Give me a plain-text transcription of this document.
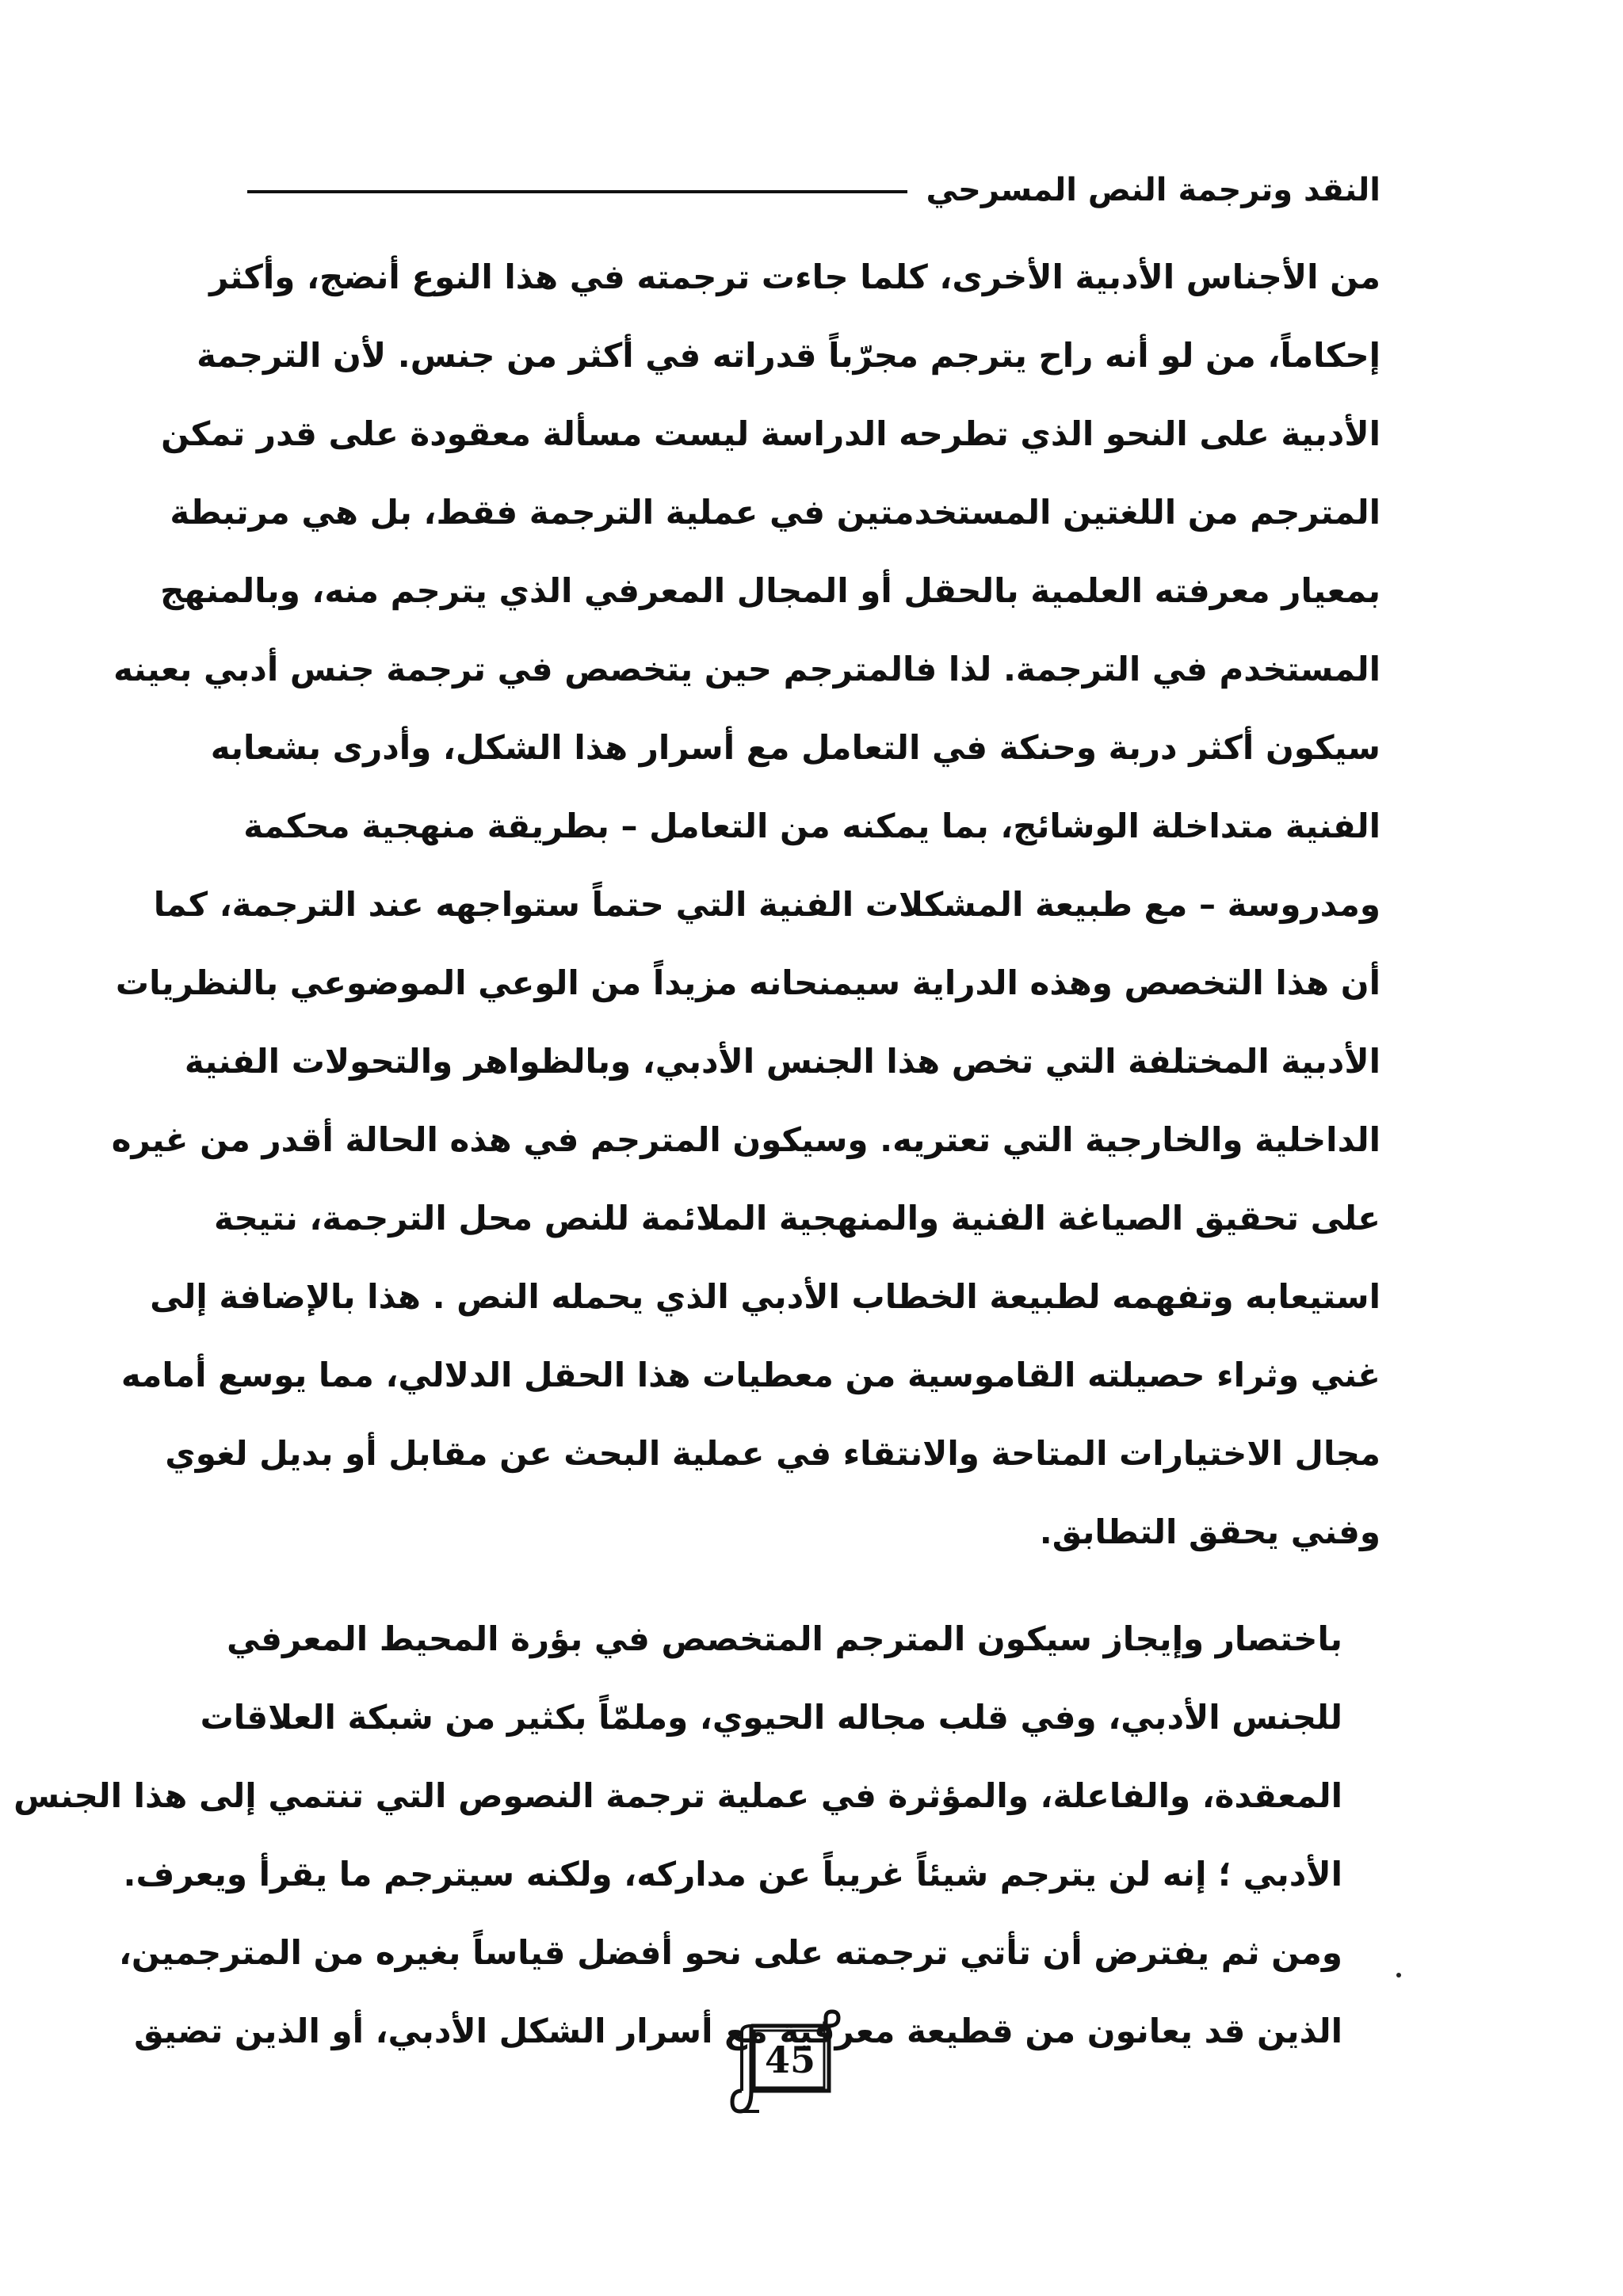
النقد وترجمة النص المسرحي

من الأجناس الأدبية الأخرى، كلما جاءت ترجمته في هذا النوع أنضج، وأكثر
إحكاماً، من لو أنه راح يترجم مجرّباً قدراته في أكثر من جنس. لأن الترجمة
الأدبية على النحو الذي تطرحه الدراسة ليست مسألة معقودة على قدر تمكن
المترجم من اللغتين المستخدمتين في عملية الترجمة فقط، بل هي مرتبطة
بمعيار معرفته العلمية بالحقل أو المجال المعرفي الذي يترجم منه، وبالمنهج
المستخدم في الترجمة. لذا فالمترجم حين يتخصص في ترجمة جنس أدبي بعينه
سيكون أكثر دربة وحنكة في التعامل مع أسرار هذا الشكل، وأدرى بشعابه
الفنية متداخلة الوشائج، بما يمكنه من التعامل – بطريقة منهجية محكمة
ومدروسة – مع طبيعة المشكلات الفنية التي حتماً ستواجهه عند الترجمة، كما
أن هذا التخصص وهذه الدراية سيمنحانه مزيداً من الوعي الموضوعي بالنظريات
الأدبية المختلفة التي تخص هذا الجنس الأدبي، وبالظواهر والتحولات الفنية
الداخلية والخارجية التي تعتريه. وسيكون المترجم في هذه الحالة أقدر من غيره
على تحقيق الصياغة الفنية والمنهجية الملائمة للنص محل الترجمة، نتيجة
استيعابه وتفهمه لطبيعة الخطاب الأدبي الذي يحمله النص . هذا بالإضافة إلى
غني وثراء حصيلته القاموسية من معطيات هذا الحقل الدلالي، مما يوسع أمامه
مجال الاختيارات المتاحة والانتقاء في عملية البحث عن مقابل أو بديل لغوي
وفني يحقق التطابق.

باختصار وإيجاز سيكون المترجم المتخصص في بؤرة المحيط المعرفي
للجنس الأدبي، وفي قلب مجاله الحيوي، وملمّاً بكثير من شبكة العلاقات
المعقدة، والفاعلة، والمؤثرة في عملية ترجمة النصوص التي تنتمي إلى هذا الجنس
الأدبي ؛ إنه لن يترجم شيئاً غريباً عن مداركه، ولكنه سيترجم ما يقرأ ويعرف.
ومن ثم يفترض أن تأتي ترجمته على نحو أفضل قياساً بغيره من المترجمين،
الذين قد يعانون من قطيعة معرفية مع أسرار الشكل الأدبي، أو الذين تضيق

45
